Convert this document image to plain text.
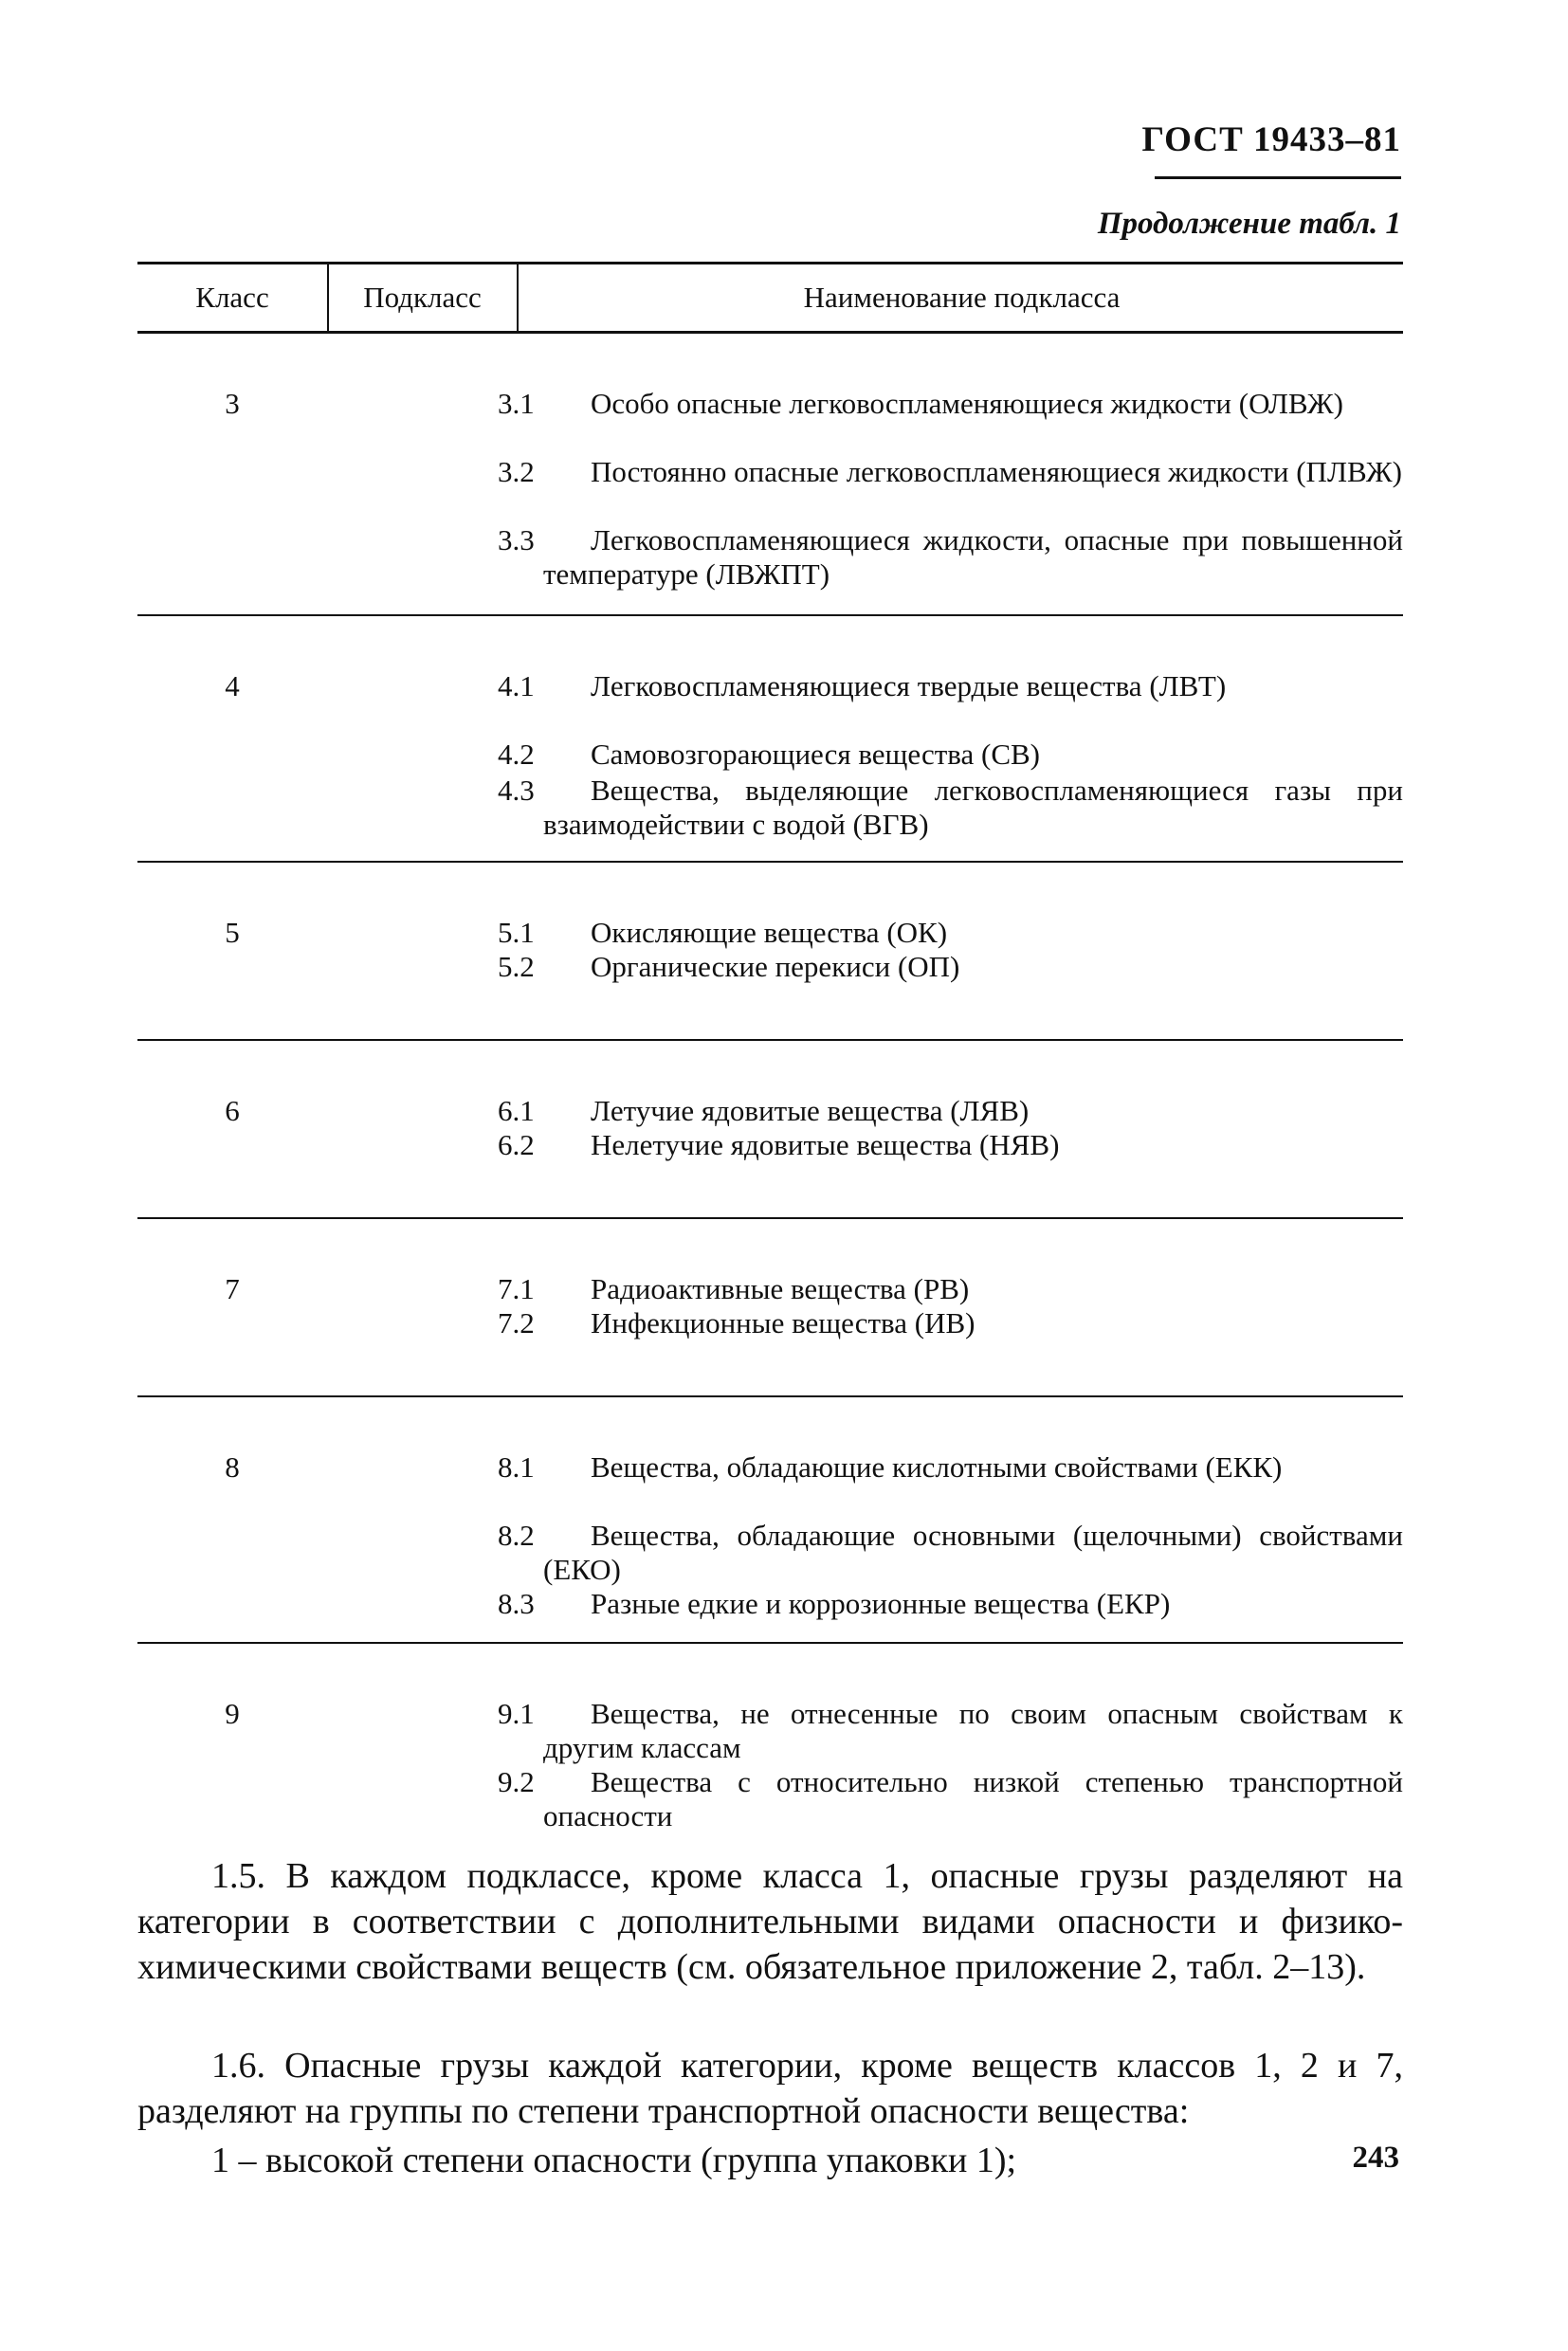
ГОСТ 19433–81
Продолжение табл. 1
Класс	Подкласс	Наименование подкласса
3	3.1	Особо опасные легковоспламеняющиеся жидкости (ОЛВЖ)
3.2	Постоянно опасные легковоспламеняющиеся жидкости (ПЛВЖ)
3.3	Легковоспламеняющиеся жидкости, опасные при повышенной температуре (ЛВЖПТ)
4	4.1	Легковоспламеняющиеся твердые вещества (ЛВТ)
4.2	Самовозгорающиеся вещества (СВ)
4.3	Вещества, выделяющие легковоспламеняющиеся газы при взаимодействии с водой (ВГВ)
5	5.1	Окисляющие вещества (ОК)
5.2	Органические перекиси (ОП)
6	6.1	Летучие ядовитые вещества (ЛЯВ)
6.2	Нелетучие ядовитые вещества (НЯВ)
7	7.1	Радиоактивные вещества (РВ)
7.2	Инфекционные вещества (ИВ)
8	8.1	Вещества, обладающие кислотными свойствами (ЕКК)
8.2	Вещества, обладающие основными (щелочными) свойствами (ЕКО)
8.3	Разные едкие и коррозионные вещества (ЕКР)
9	9.1	Вещества, не отнесенные по своим опасным свойствам к другим классам
9.2	Вещества с относительно низкой степенью транспортной опасности
1.5. В каждом подклассе, кроме класса 1, опасные грузы разделяют на категории в соответствии с дополнительными видами опасности и физико-химическими свойствами веществ (см. обязательное приложение 2, табл. 2–13).
1.6. Опасные грузы каждой категории, кроме веществ классов 1, 2 и 7, разделяют на группы по степени транспортной опасности вещества:
1 – высокой степени опасности (группа упаковки 1);	243
